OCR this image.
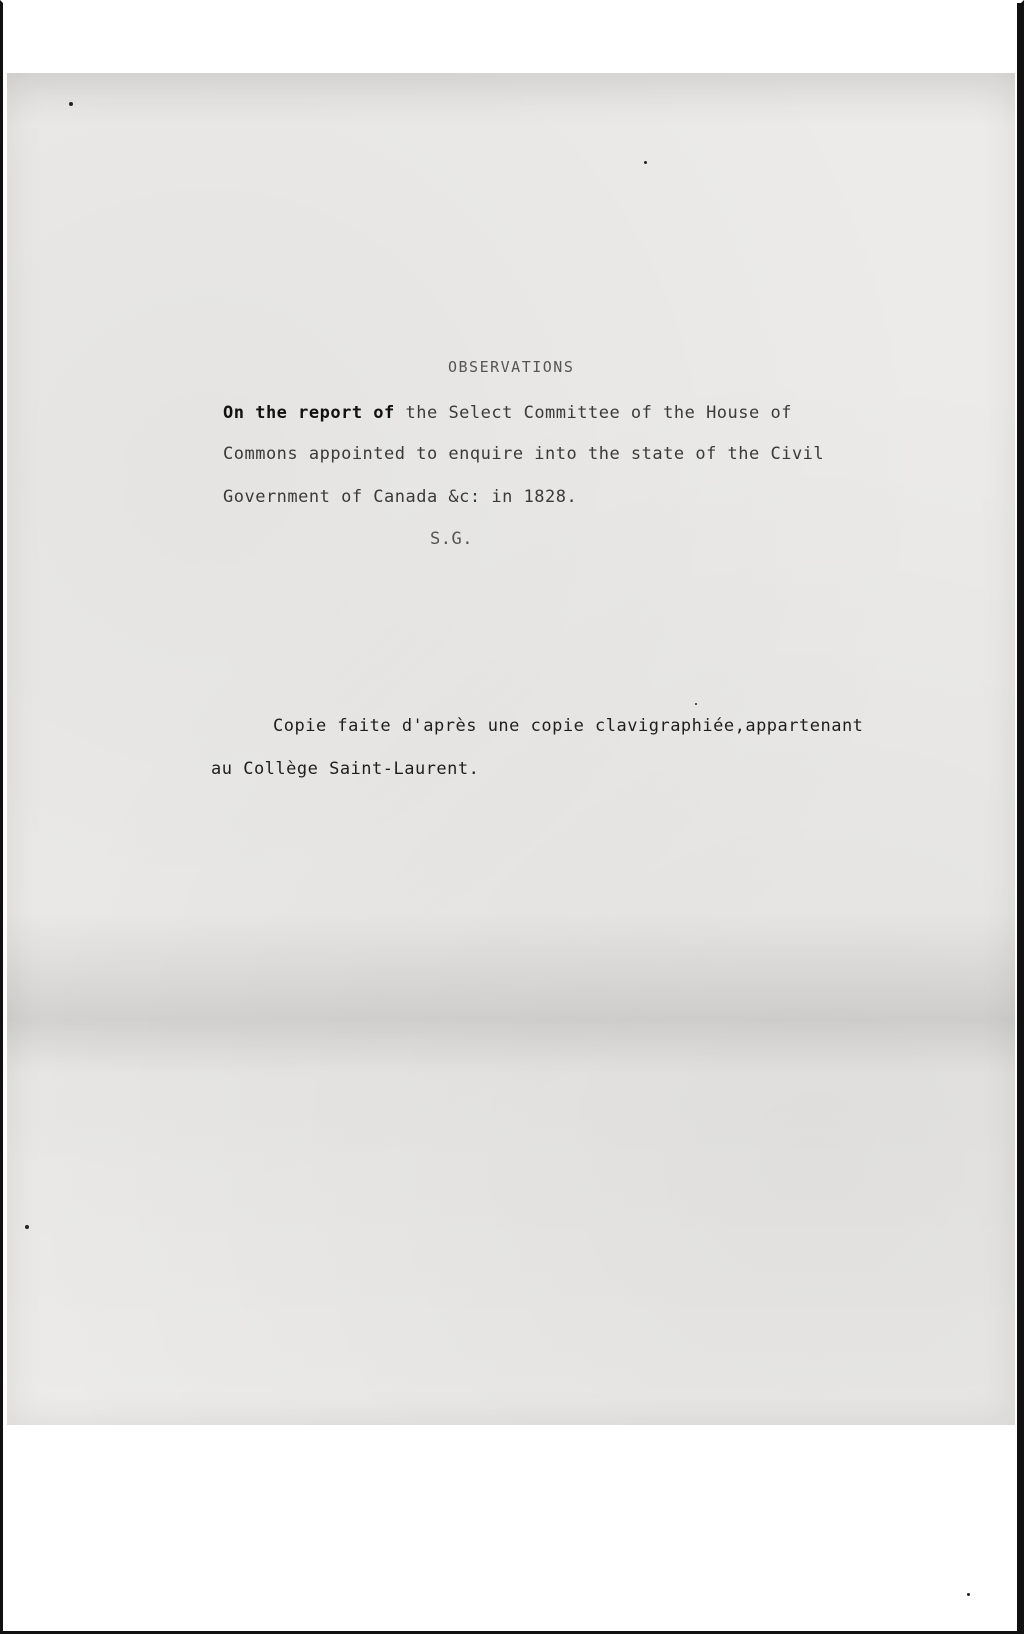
OBSERVATIONS
On the report of the Select Committee of the House of
Commons appointed to enquire into the state of the Civil
Government of Canada &c: in 1828.
S.G.
Copie faite d'après une copie clavigraphiée,appartenant
au Collège Saint-Laurent.
